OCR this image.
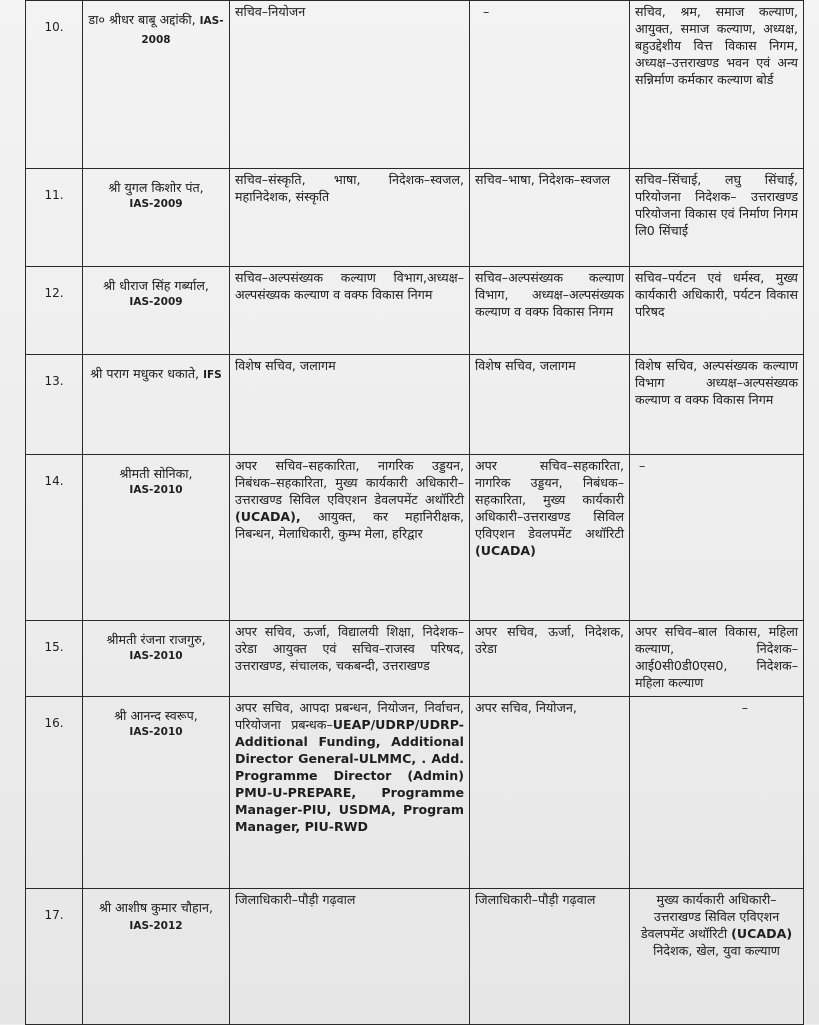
10.	डा० श्रीधर बाबू अद्दांकी, IAS-2008	सचिव–नियोजन	–	सचिव, श्रम, समाज कल्याण, आयुक्त, समाज कल्याण, अध्यक्ष, बहुउद्देशीय वित्त विकास निगम, अध्यक्ष–उत्तराखण्ड भवन एवं अन्य सन्निर्माण कर्मकार कल्याण बोर्ड
11.	श्री युगल किशोर पंत,
IAS-2009	सचिव–संस्कृति, भाषा, निदेशक–स्वजल, महानिदेशक, संस्कृति	सचिव–भाषा, निदेशक–स्वजल	सचिव–सिंचाई, लघु सिंचाई, परियोजना निदेशक– उत्तराखण्ड परियोजना विकास एवं निर्माण निगम लि0 सिंचाई
12.	श्री धीराज सिंह गर्ब्याल,
IAS-2009	सचिव–अल्पसंख्यक कल्याण विभाग,अध्यक्ष–अल्पसंख्यक कल्याण व वक्फ विकास निगम	सचिव–अल्पसंख्यक कल्याण विभाग, अध्यक्ष–अल्पसंख्यक कल्याण व वक्फ विकास निगम	सचिव–पर्यटन एवं धर्मस्व, मुख्य कार्यकारी अधिकारी, पर्यटन विकास परिषद
13.	श्री पराग मधुकर धकाते, IFS	विशेष सचिव, जलागम	विशेष सचिव, जलागम	विशेष सचिव, अल्पसंख्यक कल्याण विभाग अध्यक्ष–अल्पसंख्यक कल्याण व वक्फ विकास निगम
14.	श्रीमती सोनिका,
IAS-2010	अपर सचिव–सहकारिता, नागरिक उड्डयन, निबंधक–सहकारिता, मुख्य कार्यकारी अधिकारी– उत्तराखण्ड सिविल एविएशन डेवलपमेंट अथॉरिटी (UCADA), आयुक्त, कर महानिरीक्षक, निबन्धन, मेलाधिकारी, कुम्भ मेला, हरिद्वार	अपर सचिव–सहकारिता, नागरिक उड्डयन, निबंधक–सहकारिता, मुख्य कार्यकारी अधिकारी–उत्तराखण्ड सिविल एविएशन डेवलपमेंट अथॉरिटी (UCADA)	–

15.	श्रीमती रंजना राजगुरु,
IAS-2010	अपर सचिव, ऊर्जा, विद्यालयी शिक्षा, निदेशक–उरेडा आयुक्त एवं सचिव–राजस्व परिषद, उत्तराखण्ड, संचालक, चकबन्दी, उत्तराखण्ड	अपर सचिव, ऊर्जा, निदेशक, उरेडा	अपर सचिव–बाल विकास, महिला कल्याण, निदेशक–आई0सी0डी0एस0, निदेशक–महिला कल्याण
16.	श्री आनन्द स्वरूप,
IAS-2010	अपर सचिव, आपदा प्रबन्धन, नियोजन, निर्वाचन, परियोजना प्रबन्धक–UEAP/UDRP/UDRP-Additional Funding, Additional Director General-ULMMC, . Add. Programme Director (Admin) PMU-U-PREPARE, Programme Manager-PIU, USDMA, Program Manager, PIU-RWD	अपर सचिव, नियोजन,	–

17.	श्री आशीष कुमार चौहान, IAS-2012	जिलाधिकारी–पौड़ी गढ़वाल	जिलाधिकारी–पौड़ी गढ़वाल	मुख्य कार्यकारी अधिकारी– उत्तराखण्ड सिविल एविएशन डेवलपमेंट अथॉरिटी (UCADA) निदेशक, खेल, युवा कल्याण
